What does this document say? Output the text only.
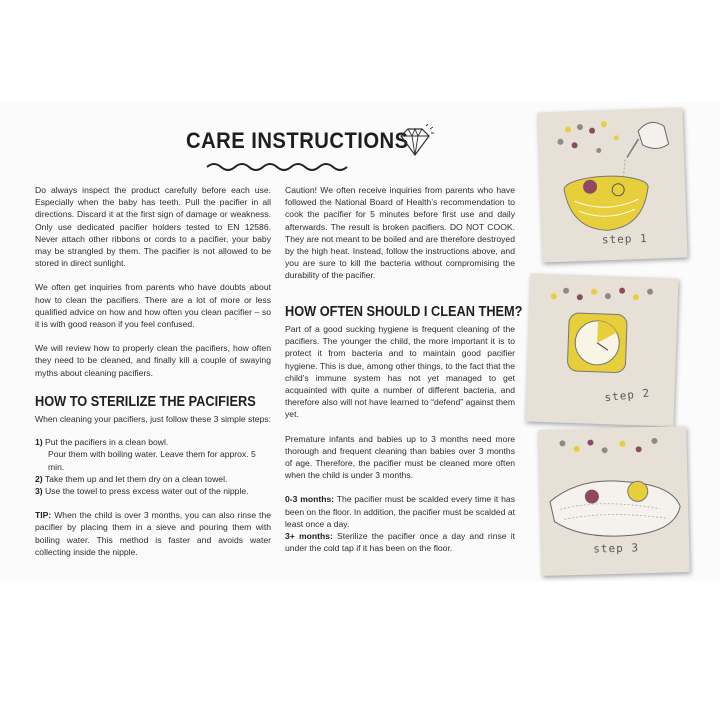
CARE INSTRUCTIONS

Do always inspect the product carefully before each use. Especially when the baby has teeth. Pull the pacifier in all directions. Discard it at the first sign of damage or weakness. Only use dedicated pacifier holders tested to EN 12586. Never attach other ribbons or cords to a pacifier, your baby may be strangled by them. The pacifier is not allowed to be stored in direct sunlight.

We often get inquiries from parents who have doubts about how to clean the pacifiers. There are a lot of more or less qualified advice on how and how often you clean pacifier – so it is with good reason if you feel confused.

We will review how to properly clean the pacifiers, how often they need to be cleaned, and finally kill a couple of swaying myths about cleaning pacifiers.

HOW TO STERILIZE THE PACIFIERS

When cleaning your pacifiers, just follow these 3 simple steps:

1) Put the pacifiers in a clean bowl.
Pour them with boiling water. Leave them for approx. 5 min.
2) Take them up and let them dry on a clean towel.
3) Use the towel to press excess water out of the nipple.

TIP: When the child is over 3 months, you can also rinse the pacifier by placing them in a sieve and pouring them with boiling water. This method is faster and avoids water collecting inside the nipple.

Caution! We often receive inquiries from parents who have followed the National Board of Health’s recommendation to cook the pacifier for 5 minutes before first use and daily afterwards. The result is broken pacifiers. DO NOT COOK. They are not meant to be boiled and are therefore destroyed by the high heat. Instead, follow the instructions above, and you are sure to kill the bacteria without compromising the durability of the pacifier.

HOW OFTEN SHOULD I CLEAN THEM?

Part of a good sucking hygiene is frequent cleaning of the pacifiers. The younger the child, the more important it is to protect it from bacteria and to maintain good pacifier hygiene. This is due, among other things, to the fact that the child’s immune system has not yet managed to get acquainted with quite a number of different bacteria, and therefore also will not have learned to “defend” against them yet.

Premature infants and babies up to 3 months need more thorough and frequent cleaning than babies over 3 months of age. Therefore, the pacifier must be cleaned more often when the child is under 3 months.

0-3 months: The pacifier must be scalded every time it has been on the floor. In addition, the pacifier must be scalded at least once a day.

3+ months: Sterilize the pacifier once a day and rinse it under the cold tap if it has been on the floor.

step 1
step 2
step 3
